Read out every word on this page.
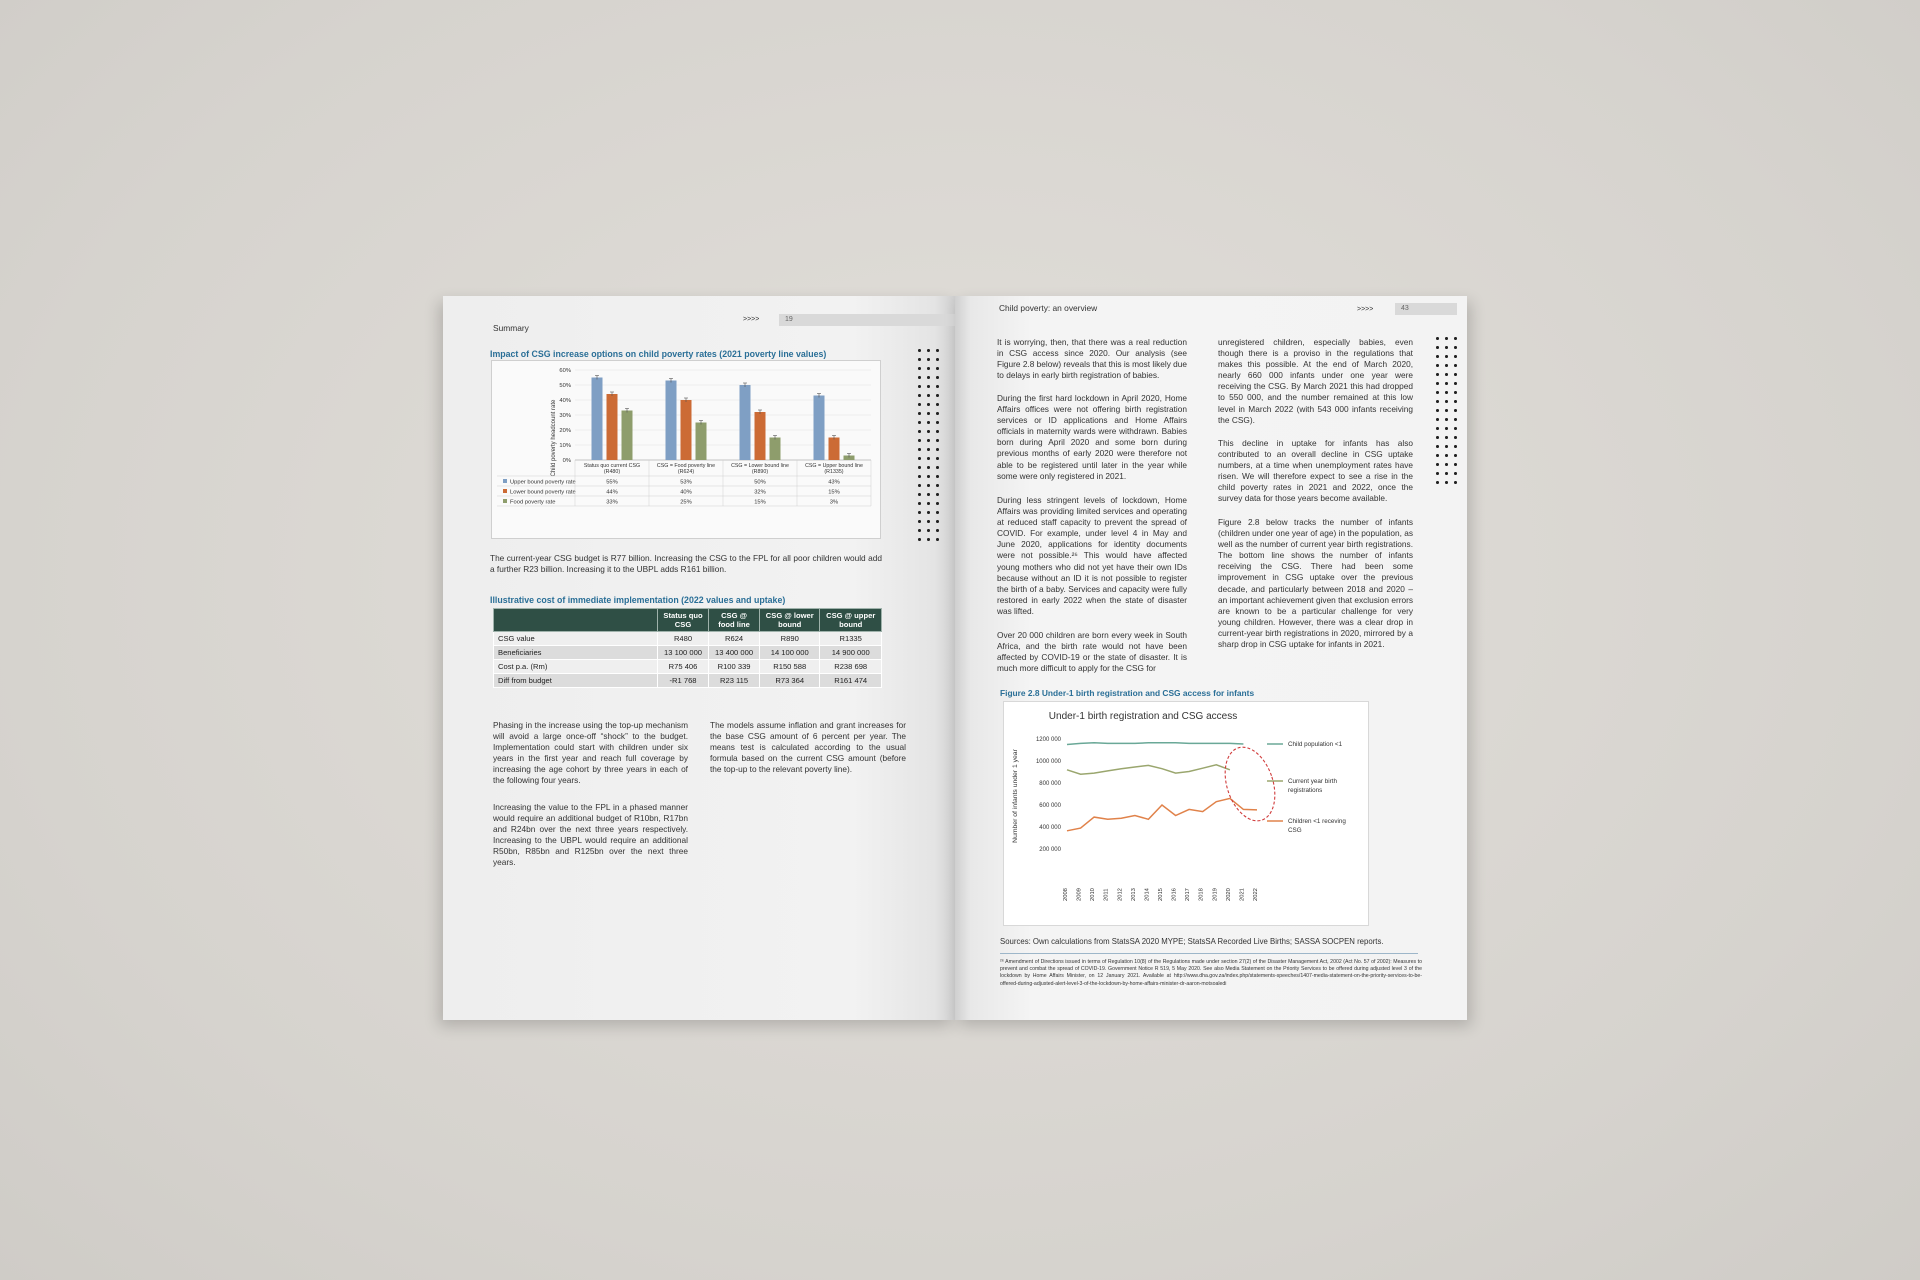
Summary
>>>>	19
Impact of CSG increase options on child poverty rates (2021 poverty line values)
Child poverty headcount rate
60%
50%
40%
30%
20%
10%
0%
Status quo current CSG
(R480)
CSG = Food poverty line
(R624)
CSG = Lower bound line
(R890)
CSG = Upper bound line
(R1335)
Upper bound poverty rate	55%	53%	50%	43%
Lower bound poverty rate	44%	40%	32%	15%
Food poverty rate	33%	25%	15%	3%
The current-year CSG budget is R77 billion. Increasing the CSG to the FPL for all poor children would add a further R23 billion. Increasing it to the UBPL adds R161 billion.
Illustrative cost of immediate implementation (2022 values and uptake)
	Status quo CSG	CSG @ food line	CSG @ lower bound	CSG @ upper bound
CSG value	R480	R624	R890	R1335
Beneficiaries	13 100 000	13 400 000	14 100 000	14 900 000
Cost p.a. (Rm)	R75 406	R100 339	R150 588	R238 698
Diff from budget	-R1 768	R23 115	R73 364	R161 474
Phasing in the increase using the top-up mechanism will avoid a large once-off “shock” to the budget. Implementation could start with children under six years in the first year and reach full coverage by increasing the age cohort by three years in each of the following four years.
Increasing the value to the FPL in a phased manner would require an additional budget of R10bn, R17bn and R24bn over the next three years respectively. Increasing to the UBPL would require an additional R50bn, R85bn and R125bn over the next three years.
The models assume inflation and grant increases for the base CSG amount of 6 percent per year. The means test is calculated according to the usual formula based on the current CSG amount (before the top-up to the relevant poverty line).
Child poverty: an overview	>>>>	43
It is worrying, then, that there was a real reduction in CSG access since 2020. Our analysis (see Figure 2.8 below) reveals that this is most likely due to delays in early birth registration of babies.
During the first hard lockdown in April 2020, Home Affairs offices were not offering birth registration services or ID applications and Home Affairs officials in maternity wards were withdrawn. Babies born during April 2020 and some born during previous months of early 2020 were therefore not able to be registered until later in the year while some were only registered in 2021.
During less stringent levels of lockdown, Home Affairs was providing limited services and operating at reduced staff capacity to prevent the spread of COVID. For example, under level 4 in May and June 2020, applications for identity documents were not possible.²⁶ This would have affected young mothers who did not yet have their own IDs because without an ID it is not possible to register the birth of a baby. Services and capacity were fully restored in early 2022 when the state of disaster was lifted.
Over 20 000 children are born every week in South Africa, and the birth rate would not have been affected by COVID-19 or the state of disaster. It is much more difficult to apply for the CSG for
unregistered children, especially babies, even though there is a proviso in the regulations that makes this possible. At the end of March 2020, nearly 660 000 infants under one year were receiving the CSG. By March 2021 this had dropped to 550 000, and the number remained at this low level in March 2022 (with 543 000 infants receiving the CSG).
This decline in uptake for infants has also contributed to an overall decline in CSG uptake numbers, at a time when unemployment rates have risen. We will therefore expect to see a rise in the child poverty rates in 2021 and 2022, once the survey data for those years become available.
Figure 2.8 below tracks the number of infants (children under one year of age) in the population, as well as the number of current year birth registrations. The bottom line shows the number of infants receiving the CSG. There had been some improvement in CSG uptake over the previous decade, and particularly between 2018 and 2020 – an important achievement given that exclusion errors are known to be a particular challenge for very young children. However, there was a clear drop in current-year birth registrations in 2020, mirrored by a sharp drop in CSG uptake for infants in 2021.
Figure 2.8 Under-1 birth registration and CSG access for infants
Under-1 birth registration and CSG access
Number of infants under 1 year
1200 000
1000 000
800 000
600 000
400 000
200 000
2008 2009 2010 2011 2012 2013 2014 2015 2016 2017 2018 2019 2020 2021 2022
Child population <1
Current year birth
registrations
Children <1 receving
CSG
Sources: Own calculations from StatsSA 2020 MYPE; StatsSA Recorded Live Births; SASSA SOCPEN reports.
²⁶ Amendment of Directions issued in terms of Regulation 10(8) of the Regulations made under section 27(2) of the Disaster Management Act, 2002 (Act No. 57 of 2002): Measures to prevent and combat the spread of COVID-19. Government Notice R 519, 5 May 2020. See also Media Statement on the Priority Services to be offered during adjusted level 3 of the lockdown by Home Affairs Minister, on 12 January 2021. Available at http://www.dha.gov.za/index.php/statements-speeches/1407-media-statement-on-the-priority-services-to-be-offered-during-adjusted-alert-level-3-of-the-lockdown-by-home-affairs-minister-dr-aaron-motsoaledi
